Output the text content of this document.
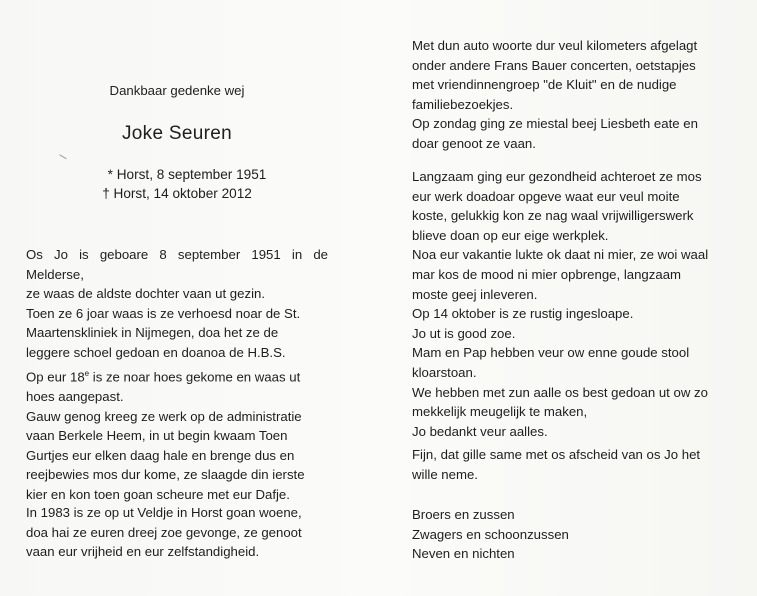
Dankbaar gedenke wej
Joke Seuren
* Horst, 8 september 1951
† Horst, 14 oktober 2012
Os Jo is geboare 8 september 1951 in de Melderse,
ze waas de aldste dochter vaan ut gezin.
Toen ze 6 joar waas is ze verhoesd noar de St.
Maartenskliniek in Nijmegen, doa het ze de
leggere schoel gedoan en doanoa de H.B.S.
Op eur 18e is ze noar hoes gekome en waas ut
hoes aangepast.
Gauw genog kreeg ze werk op de administratie
vaan Berkele Heem, in ut begin kwaam Toen
Gurtjes eur elken daag hale en brenge dus en
reejbewies mos dur kome, ze slaagde din ierste
kier en kon toen goan scheure met eur Dafje.
In 1983 is ze op ut Veldje in Horst goan woene,
doa hai ze euren dreej zoe gevonge, ze genoot
vaan eur vrijheid en eur zelfstandigheid.
Met dun auto woorte dur veul kilometers afgelagt
onder andere Frans Bauer concerten, oetstapjes
met vriendinnengroep "de Kluit" en de nudige
familiebezoekjes.
Op zondag ging ze miestal beej Liesbeth eate en
doar genoot ze vaan.
Langzaam ging eur gezondheid achteroet ze mos
eur werk doadoar opgeve waat eur veul moite
koste, gelukkig kon ze nag waal vrijwilligerswerk
blieve doan op eur eige werkplek.
Noa eur vakantie lukte ok daat ni mier, ze woi waal
mar kos de mood ni mier opbrenge, langzaam
moste geej inleveren.
Op 14 oktober is ze rustig ingesloape.
Jo ut is good zoe.
Mam en Pap hebben veur ow enne goude stool
kloarstoan.
We hebben met zun aalle os best gedoan ut ow zo
mekkelijk meugelijk te maken,
Jo bedankt veur aalles.
Fijn, dat gille same met os afscheid van os Jo het
wille neme.
Broers en zussen
Zwagers en schoonzussen
Neven en nichten
